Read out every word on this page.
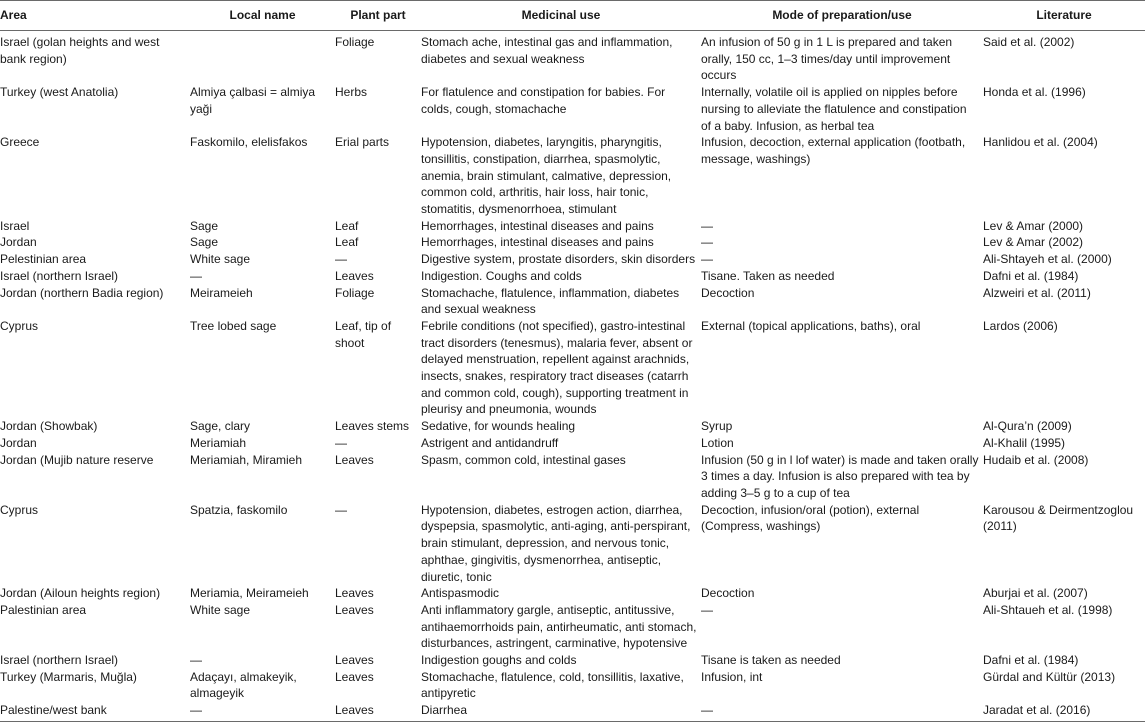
Area	Local name	Plant part	Medicinal use	Mode of preparation/use	Literature
Israel (golan heights and west bank region)		Foliage	Stomach ache, intestinal gas and inflammation, diabetes and sexual weakness	An infusion of 50 g in 1 L is prepared and taken orally, 150 cc, 1–3 times/day until improvement occurs	Said et al. (2002)
Turkey (west Anatolia)	Almiya çalbasi = almiya yaği	Herbs	For flatulence and constipation for babies. For colds, cough, stomachache	Internally, volatile oil is applied on nipples before nursing to alleviate the flatulence and constipation of a baby. Infusion, as herbal tea	Honda et al. (1996)
Greece	Faskomilo, elelisfakos	Erial parts	Hypotension, diabetes, laryngitis, pharyngitis, tonsillitis, constipation, diarrhea, spasmolytic, anemia, brain stimulant, calmative, depression, common cold, arthritis, hair loss, hair tonic, stomatitis, dysmenorrhoea, stimulant	Infusion, decoction, external application (footbath, message, washings)	Hanlidou et al. (2004)
Israel	Sage	Leaf	Hemorrhages, intestinal diseases and pains	—	Lev & Amar (2000)
Jordan	Sage	Leaf	Hemorrhages, intestinal diseases and pains	—	Lev & Amar (2002)
Pelestinian area	White sage	—	Digestive system, prostate disorders, skin disorders	—	Ali-Shtayeh et al. (2000)
Israel (northern Israel)	—	Leaves	Indigestion. Coughs and colds	Tisane. Taken as needed	Dafni et al. (1984)
Jordan (northern Badia region)	Meirameieh	Foliage	Stomachache, flatulence, inflammation, diabetes and sexual weakness	Decoction	Alzweiri et al. (2011)
Cyprus	Tree lobed sage	Leaf, tip of shoot	Febrile conditions (not specified), gastro-intestinal tract disorders (tenesmus), malaria fever, absent or delayed menstruation, repellent against arachnids, insects, snakes, respiratory tract diseases (catarrh and common cold, cough), supporting treatment in pleurisy and pneumonia, wounds	External (topical applications, baths), oral	Lardos (2006)
Jordan (Showbak)	Sage, clary	Leaves stems	Sedative, for wounds healing	Syrup	Al-Qura’n (2009)
Jordan	Meriamiah	—	Astrigent and antidandruff	Lotion	Al-Khalil (1995)
Jordan (Mujib nature reserve	Meriamiah, Miramieh	Leaves	Spasm, common cold, intestinal gases	Infusion (50 g in l lof water) is made and taken orally 3 times a day. Infusion is also prepared with tea by adding 3–5 g to a cup of tea	Hudaib et al. (2008)
Cyprus	Spatzia, faskomilo	—	Hypotension, diabetes, estrogen action, diarrhea, dyspepsia, spasmolytic, anti-aging, anti-perspirant, brain stimulant, depression, and nervous tonic, aphthae, gingivitis, dysmenorrhea, antiseptic, diuretic, tonic	Decoction, infusion/oral (potion), external (Compress, washings)	Karousou & Deirmentzoglou (2011)
Jordan (Ailoun heights region)	Meriamia, Meirameieh	Leaves	Antispasmodic	Decoction	Aburjai et al. (2007)
Palestinian area	White sage	Leaves	Anti inflammatory gargle, antiseptic, antitussive, antihaemorrhoids pain, antirheumatic, anti stomach, disturbances, astringent, carminative, hypotensive	—	Ali-Shtaueh et al. (1998)
Israel (northern Israel)	—	Leaves	Indigestion goughs and colds	Tisane is taken as needed	Dafni et al. (1984)
Turkey (Marmaris, Muğla)	Adaçayı, almakeyik, almageyik	Leaves	Stomachache, flatulence, cold, tonsillitis, laxative, antipyretic	Infusion, int	Gürdal and Kültür (2013)
Palestine/west bank	—	Leaves	Diarrhea	—	Jaradat et al. (2016)
